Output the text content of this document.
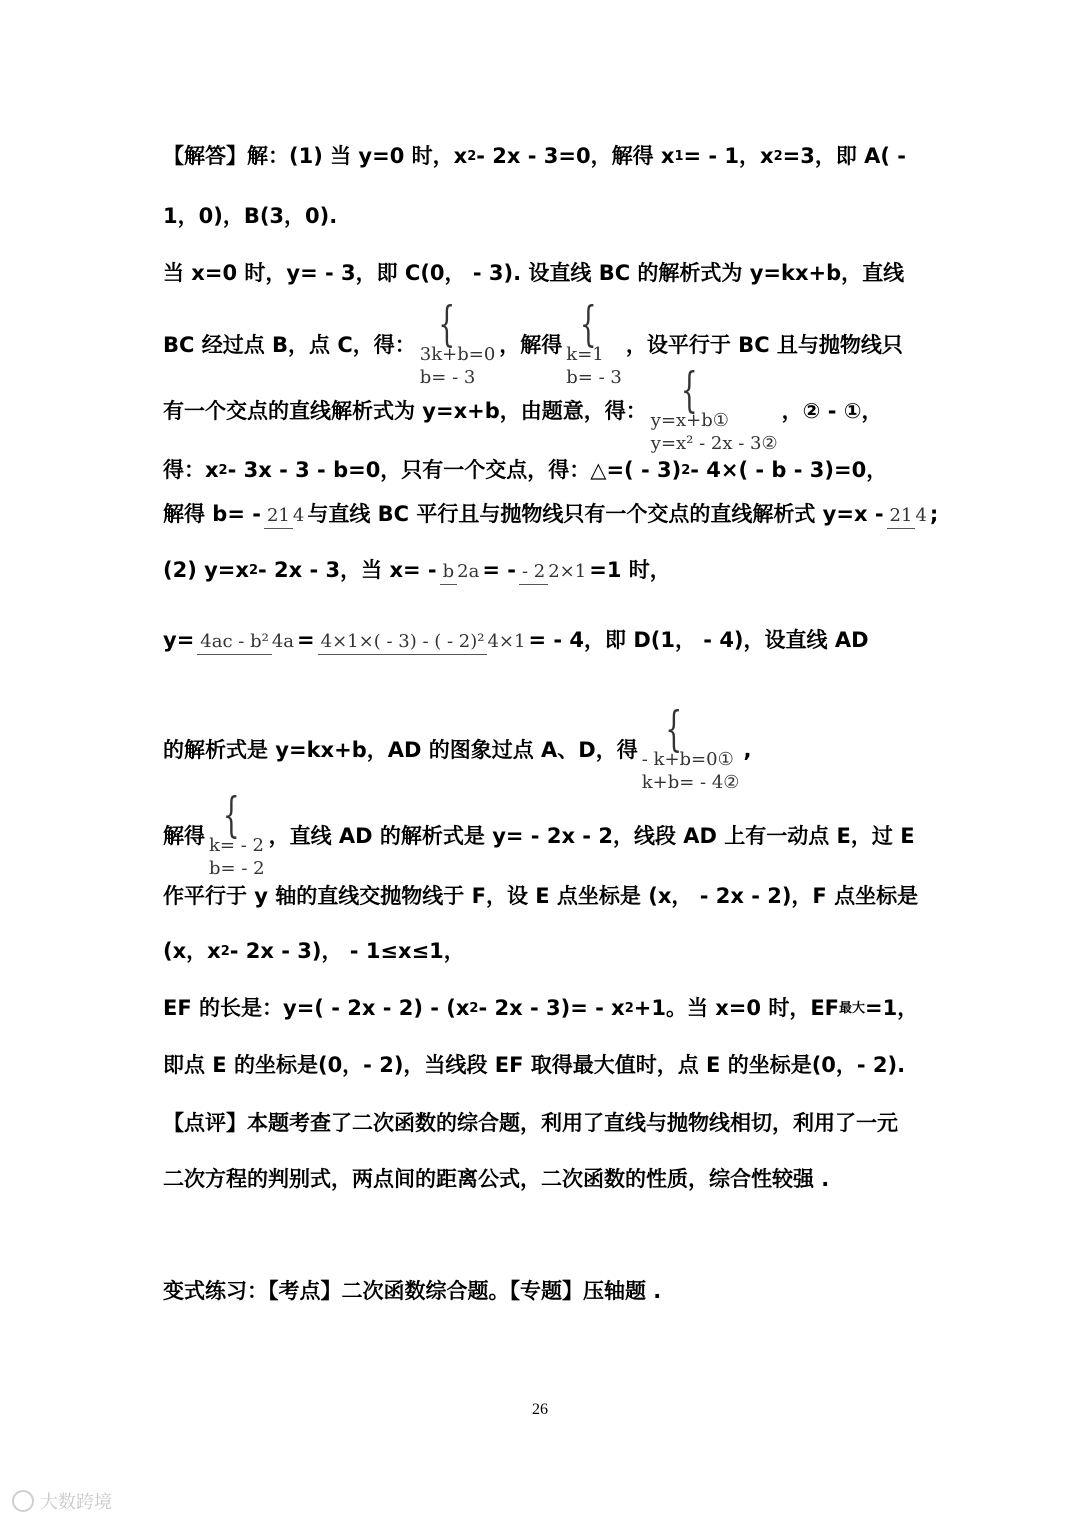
【解答】解：(1) 当 y=0 时，x 2 - 2x - 3=0，解得 x 1 = - 1，x 2 =3，即 A( -
1，0)，B(3，0).
当 x=0 时，y= - 3，即 C(0， - 3). 设直线 BC 的解析式为 y=kx+b，直线
BC 经过点 B，点 C，得： {
3k+b=0
b= - 3
，解得 {
k=1
b= - 3
，设平行于 BC 且与抛物线只
有一个交点的直线解析式为 y=x+b，由题意，得： {
y=x+b①
y=x² - 2x - 3②
，② - ①，
得：x 2 - 3x - 3 - b=0，只有一个交点，得：△=( - 3) 2 - 4×( - b - 3)=0，
解得 b= - 21 4 与直线 BC 平行且与抛物线只有一个交点的直线解析式 y=x - 21 4 ;
(2) y=x 2 - 2x - 3，当 x= - b 2a = - - 2 2×1 =1 时，
y= 4ac - b² 4a = 4×1×( - 3) - ( - 2)² 4×1 = - 4，即 D(1， - 4)，设直线 AD
的解析式是 y=kx+b，AD 的图象过点 A、D，得 {
- k+b=0①
k+b= - 4②
,
解得 {
k= - 2
b= - 2
，直线 AD 的解析式是 y= - 2x - 2，线段 AD 上有一动点 E，过 E
作平行于 y 轴的直线交抛物线于 F，设 E 点坐标是 (x， - 2x - 2)，F 点坐标是
(x，x 2 - 2x - 3)， - 1≤x≤1，
EF 的长是：y=( - 2x - 2) - (x 2 - 2x - 3)= - x 2 +1。当 x=0 时，EF 最大 =1，
即点 E 的坐标是(0，- 2)，当线段 EF 取得最大值时，点 E 的坐标是(0，- 2).
【点评】本题考查了二次函数的综合题，利用了直线与抛物线相切，利用了一元
二次方程的判别式，两点间的距离公式，二次函数的性质，综合性较强 .
变式练习：【考点】二次函数综合题。【专题】压轴题 .
26
大数跨境
